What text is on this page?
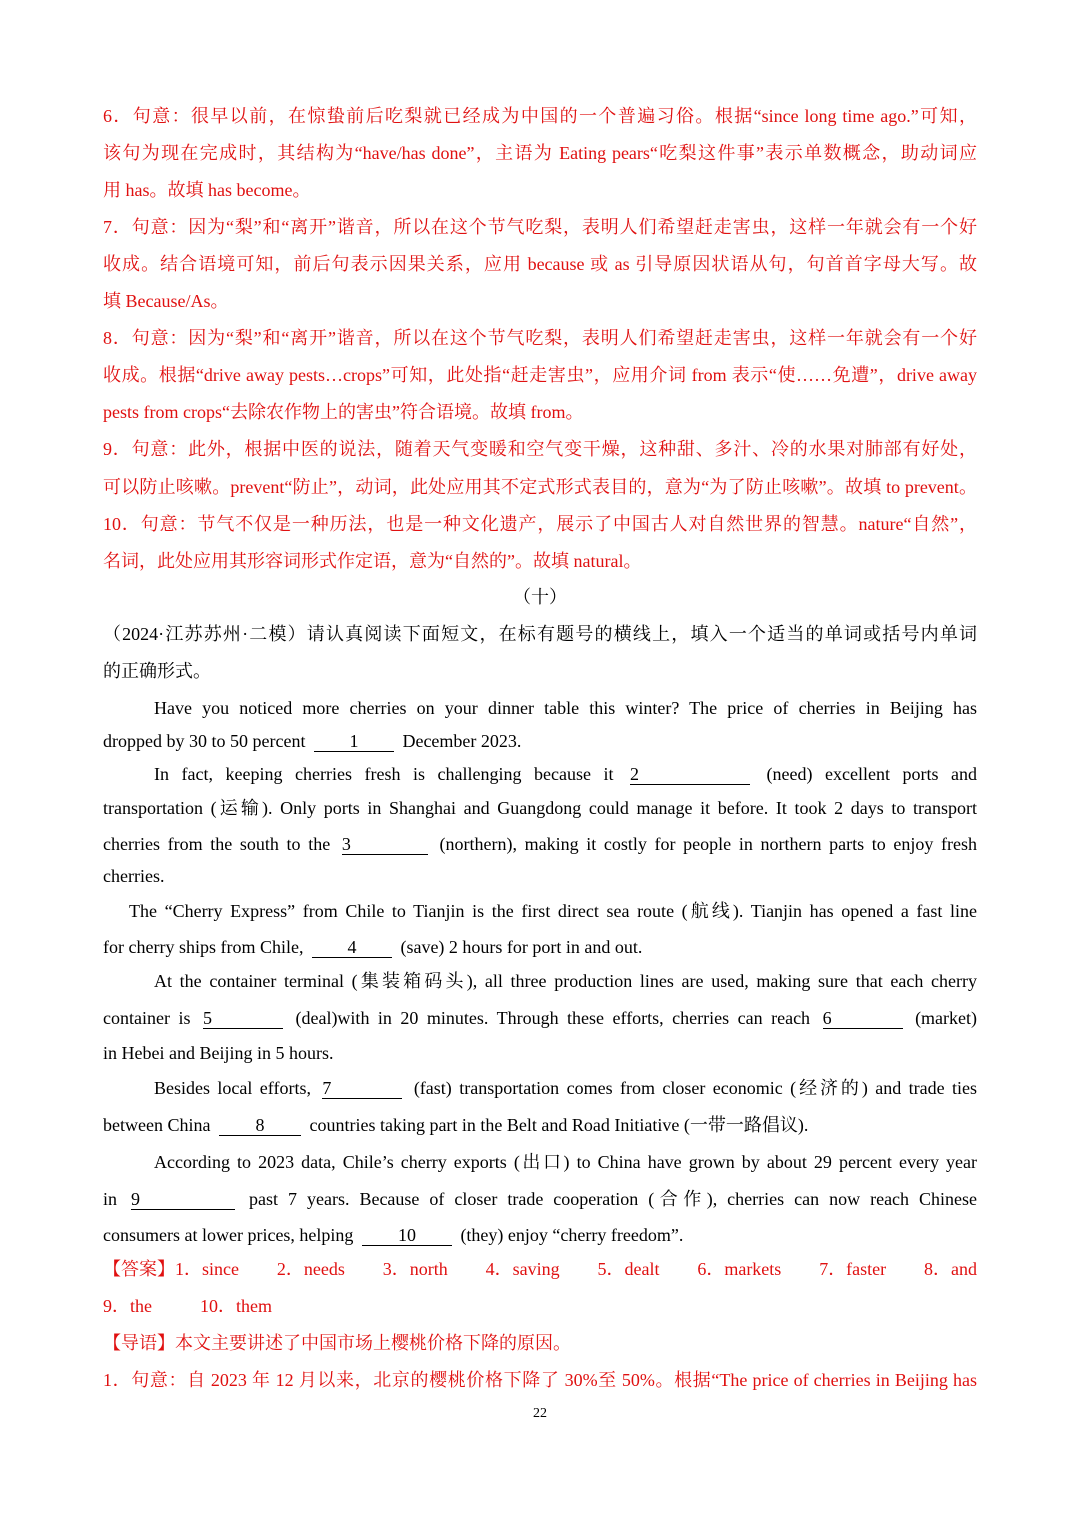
6．句意：很早以前，在惊蛰前后吃梨就已经成为中国的一个普遍习俗。根据“since long time ago.”可知，
该句为现在完成时，其结构为“have/has done”，主语为 Eating pears“吃梨这件事”表示单数概念，助动词应
用 has。故填 has become。
7．句意：因为“梨”和“离开”谐音，所以在这个节气吃梨，表明人们希望赶走害虫，这样一年就会有一个好
收成。结合语境可知，前后句表示因果关系，应用 because 或 as 引导原因状语从句，句首首字母大写。故
填 Because/As。
8．句意：因为“梨”和“离开”谐音，所以在这个节气吃梨，表明人们希望赶走害虫，这样一年就会有一个好
收成。根据“drive away pests…crops”可知，此处指“赶走害虫”，应用介词 from 表示“使……免遭”，drive away
pests from crops“去除农作物上的害虫”符合语境。故填 from。
9．句意：此外，根据中医的说法，随着天气变暖和空气变干燥，这种甜、多汁、冷的水果对肺部有好处，
可以防止咳嗽。prevent“防止”，动词，此处应用其不定式形式表目的，意为“为了防止咳嗽”。故填 to prevent。
10．句意：节气不仅是一种历法，也是一种文化遗产，展示了中国古人对自然世界的智慧。nature“自然”，
名词，此处应用其形容词形式作定语，意为“自然的”。故填 natural。
（十）
（2024·江苏苏州·二模）请认真阅读下面短文，在标有题号的横线上，填入一个适当的单词或括号内单词
的正确形式。
Have you noticed more cherries on your dinner table this winter? The price of cherries in Beijing has
dropped by 30 to 50 percent 1 December 2023.
In fact, keeping cherries fresh is challenging because it 2	(need) excellent ports and
transportation (运输). Only ports in Shanghai and Guangdong could manage it before. It took 2 days to transport
cherries from the south to the 3	(northern), making it costly for people in northern parts to enjoy fresh
cherries.
The “Cherry Express” from Chile to Tianjin is the first direct sea route (航线). Tianjin has opened a fast line
for cherry ships from Chile, 4 (save) 2 hours for port in and out.
At the container terminal (集装箱码头), all three production lines are used, making sure that each cherry
container is 5	(deal)with in 20 minutes. Through these efforts, cherries can reach 6	(market)
in Hebei and Beijing in 5 hours.
Besides local efforts, 7	(fast) transportation comes from closer economic (经济的) and trade ties
between China	8	countries taking part in the Belt and Road Initiative (一带一路倡议).
According to 2023 data, Chile’s cherry exports (出口) to China have grown by about 29 percent every year
in 9	past 7 years. Because of closer trade cooperation (合作), cherries can now reach Chinese
consumers at lower prices, helping 10 (they) enjoy “cherry freedom”.
【答案】1．since 2．needs 3．north 4．saving 5．dealt 6．markets 7．faster 8．and
9．the	10．them
【导语】本文主要讲述了中国市场上樱桃价格下降的原因。
1．句意：自 2023 年 12 月以来，北京的樱桃价格下降了 30%至 50%。根据“The price of cherries in Beijing has
22
